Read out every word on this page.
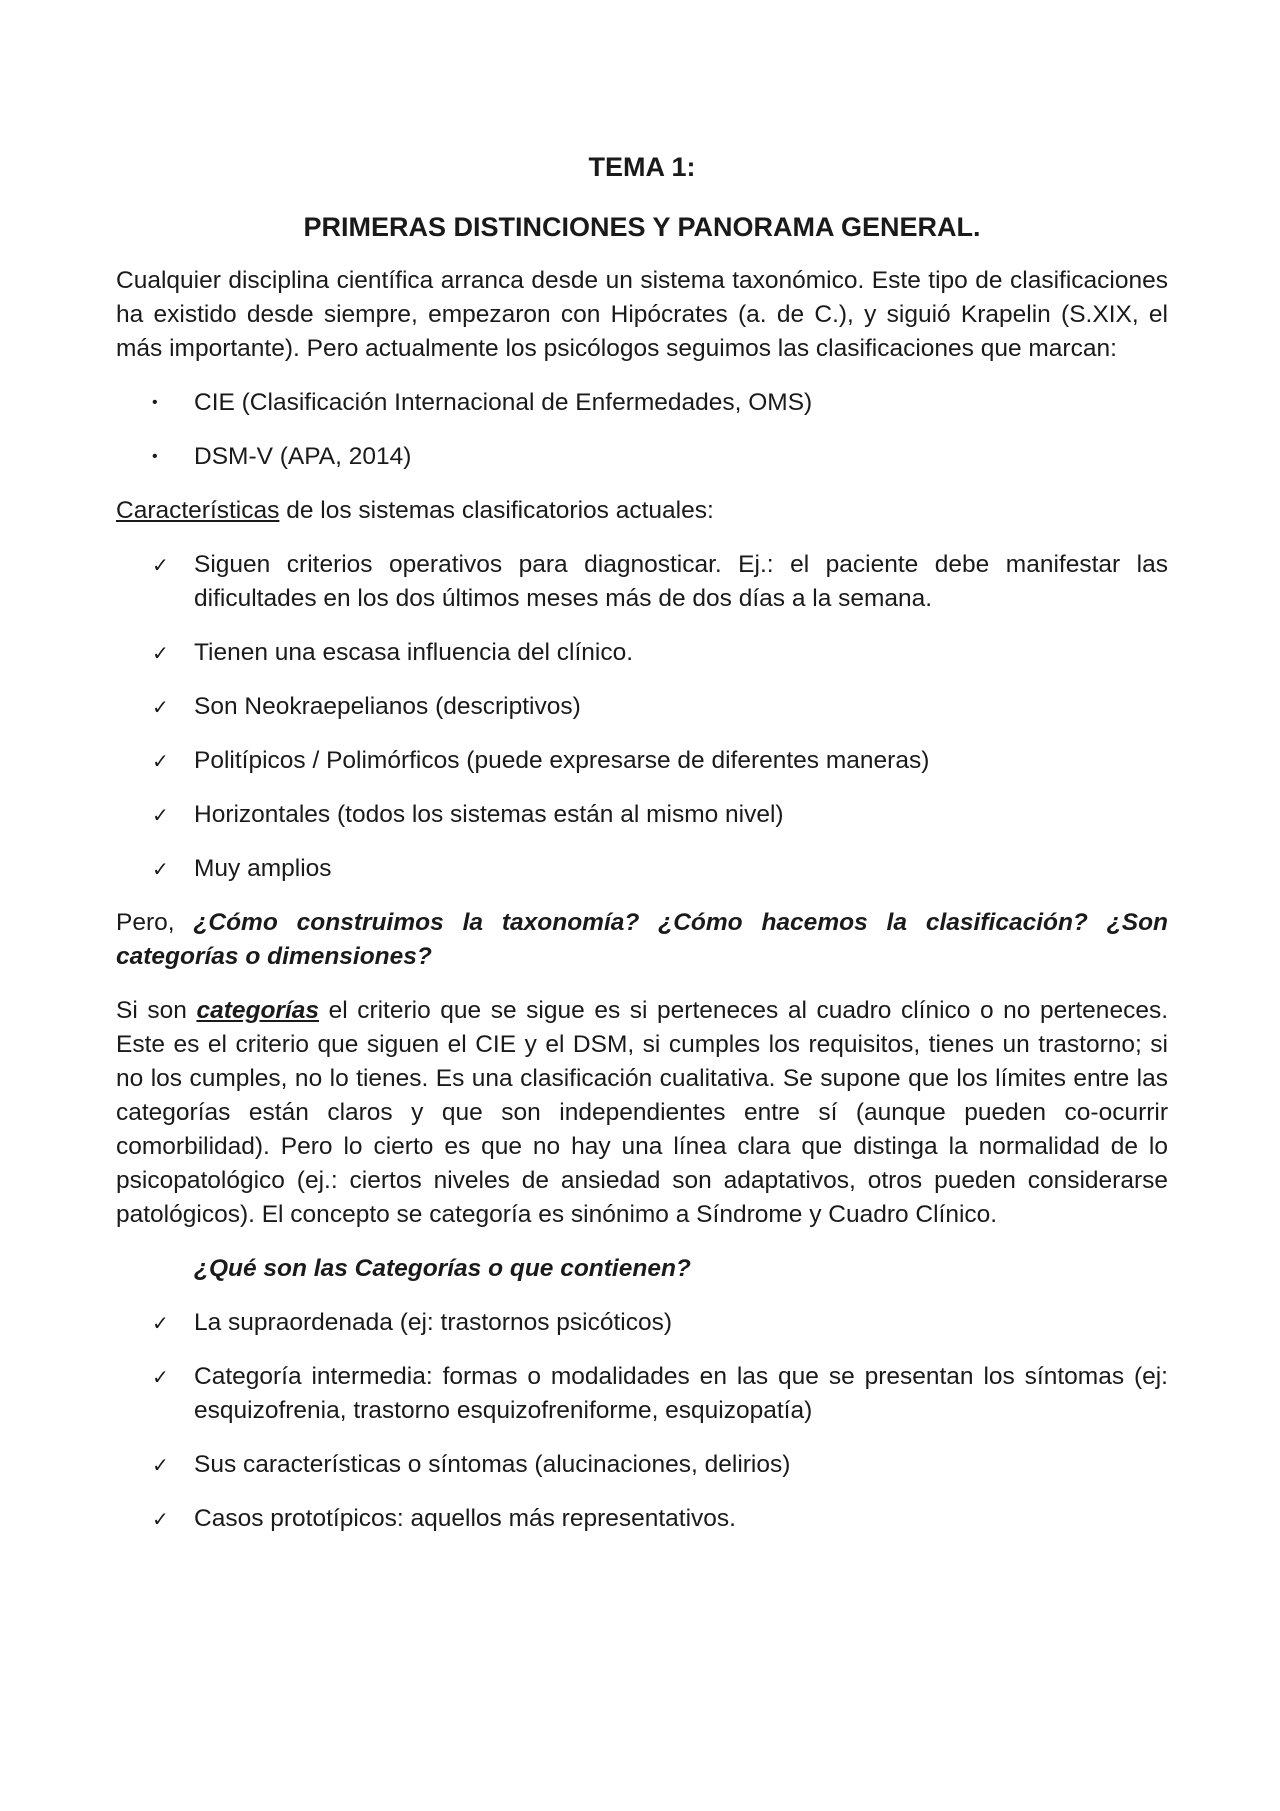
TEMA 1:

PRIMERAS DISTINCIONES Y PANORAMA GENERAL.

Cualquier disciplina científica arranca desde un sistema taxonómico. Este tipo de clasificaciones ha existido desde siempre, empezaron con Hipócrates (a. de C.), y siguió Krapelin (S.XIX, el más importante). Pero actualmente los psicólogos seguimos las clasificaciones que marcan:

•	CIE (Clasificación Internacional de Enfermedades, OMS)
•	DSM-V (APA, 2014)

Características de los sistemas clasificatorios actuales:

✓	Siguen criterios operativos para diagnosticar. Ej.: el paciente debe manifestar las dificultades en los dos últimos meses más de dos días a la semana.
✓	Tienen una escasa influencia del clínico.
✓	Son Neokraepelianos (descriptivos)
✓	Politípicos / Polimórficos (puede expresarse de diferentes maneras)
✓	Horizontales (todos los sistemas están al mismo nivel)
✓	Muy amplios

Pero, ¿Cómo construimos la taxonomía? ¿Cómo hacemos la clasificación? ¿Son categorías o dimensiones?

Si son categorías el criterio que se sigue es si perteneces al cuadro clínico o no perteneces. Este es el criterio que siguen el CIE y el DSM, si cumples los requisitos, tienes un trastorno; si no los cumples, no lo tienes. Es una clasificación cualitativa. Se supone que los límites entre las categorías están claros y que son independientes entre sí (aunque pueden co-ocurrir comorbilidad). Pero lo cierto es que no hay una línea clara que distinga la normalidad de lo psicopatológico (ej.: ciertos niveles de ansiedad son adaptativos, otros pueden considerarse patológicos). El concepto se categoría es sinónimo a Síndrome y Cuadro Clínico.

¿Qué son las Categorías o que contienen?

✓	La supraordenada (ej: trastornos psicóticos)
✓	Categoría intermedia: formas o modalidades en las que se presentan los síntomas (ej: esquizofrenia, trastorno esquizofreniforme, esquizopatía)
✓	Sus características o síntomas (alucinaciones, delirios)
✓	Casos prototípicos: aquellos más representativos.
